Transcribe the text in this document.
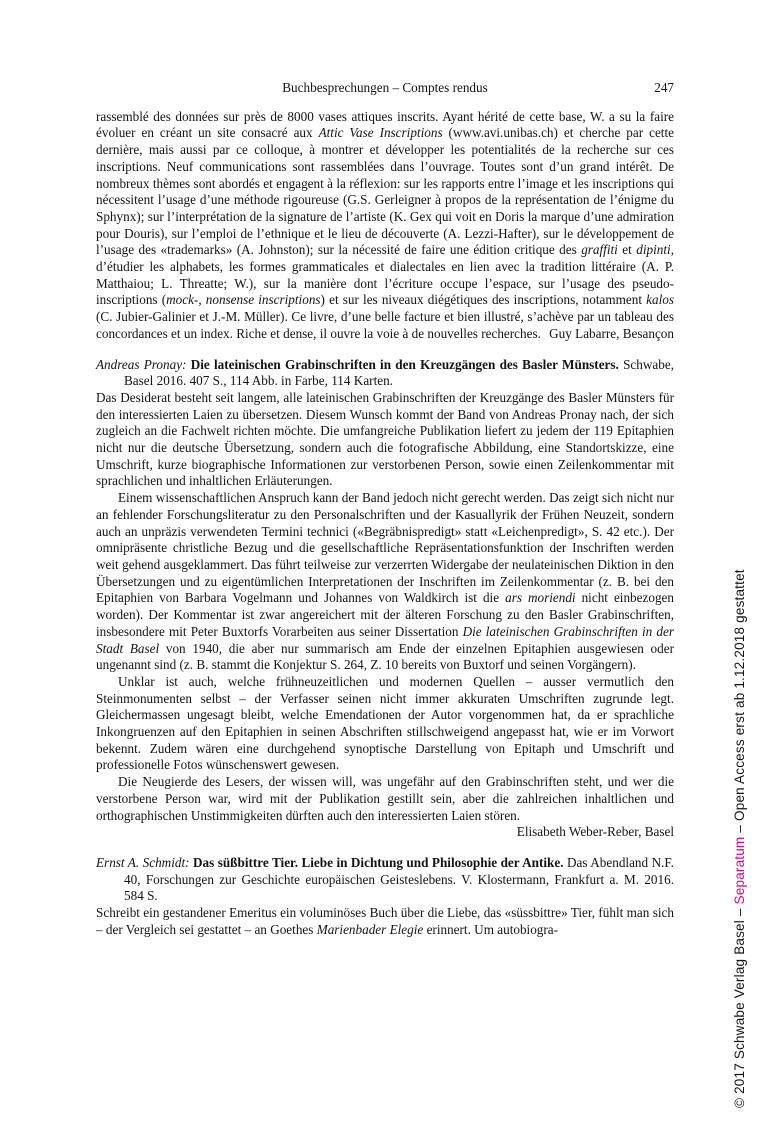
Buchbesprechungen – Comptes rendus	247

rassemblé des données sur près de 8000 vases attiques inscrits. Ayant hérité de cette base, W. a su la faire évoluer en créant un site consacré aux Attic Vase Inscriptions (www.avi.unibas.ch) et cherche par cette dernière, mais aussi par ce colloque, à montrer et développer les potentialités de la recherche sur ces inscriptions. Neuf communications sont rassemblées dans l’ouvrage. Toutes sont d’un grand intérêt. De nombreux thèmes sont abordés et engagent à la réflexion: sur les rapports entre l’image et les inscriptions qui nécessitent l’usage d’une méthode rigoureuse (G.S. Gerleigner à propos de la représentation de l’énigme du Sphynx); sur l’interprétation de la signature de l’artiste (K. Gex qui voit en Doris la marque d’une admiration pour Douris), sur l’emploi de l’ethnique et le lieu de découverte (A. Lezzi-Hafter), sur le développement de l’usage des «trademarks» (A. Johnston); sur la nécessité de faire une édition critique des graffiti et dipinti, d’étudier les alphabets, les formes grammaticales et dialectales en lien avec la tradition littéraire (A. P. Matthaiou; L. Threatte; W.), sur la manière dont l’écriture occupe l’espace, sur l’usage des pseudo-inscriptions (mock-, nonsense inscriptions) et sur les niveaux diégétiques des inscriptions, notamment kalos (C. Jubier-Galinier et J.-M. Müller). Ce livre, d’une belle facture et bien illustré, s’achève par un tableau des concordances et un index. Riche et dense, il ouvre la voie à de nouvelles recherches. Guy Labarre, Besançon

Andreas Pronay: Die lateinischen Grabinschriften in den Kreuzgängen des Basler Münsters. Schwabe, Basel 2016. 407 S., 114 Abb. in Farbe, 114 Karten.

Das Desiderat besteht seit langem, alle lateinischen Grabinschriften der Kreuzgänge des Basler Münsters für den interessierten Laien zu übersetzen. Diesem Wunsch kommt der Band von Andreas Pronay nach, der sich zugleich an die Fachwelt richten möchte. Die umfangreiche Publikation liefert zu jedem der 119 Epitaphien nicht nur die deutsche Übersetzung, sondern auch die fotografische Abbildung, eine Standortskizze, eine Umschrift, kurze biographische Informationen zur verstorbenen Person, sowie einen Zeilenkommentar mit sprachlichen und inhaltlichen Erläuterungen.

Einem wissenschaftlichen Anspruch kann der Band jedoch nicht gerecht werden. Das zeigt sich nicht nur an fehlender Forschungsliteratur zu den Personalschriften und der Kasuallyrik der Frühen Neuzeit, sondern auch an unpräzis verwendeten Termini technici («Begräbnispredigt» statt «Leichenpredigt», S. 42 etc.). Der omnipräsente christliche Bezug und die gesellschaftliche Repräsentationsfunktion der Inschriften werden weit gehend ausgeklammert. Das führt teilweise zur verzerrten Widergabe der neulateinischen Diktion in den Übersetzungen und zu eigentümlichen Interpretationen der Inschriften im Zeilenkommentar (z. B. bei den Epitaphien von Barbara Vogelmann und Johannes von Waldkirch ist die ars moriendi nicht einbezogen worden). Der Kommentar ist zwar angereichert mit der älteren Forschung zu den Basler Grabinschriften, insbesondere mit Peter Buxtorfs Vorarbeiten aus seiner Dissertation Die lateinischen Grabinschriften in der Stadt Basel von 1940, die aber nur summarisch am Ende der einzelnen Epitaphien ausgewiesen oder ungenannt sind (z. B. stammt die Konjektur S. 264, Z. 10 bereits von Buxtorf und seinen Vorgängern).

Unklar ist auch, welche frühneuzeitlichen und modernen Quellen – ausser vermutlich den Steinmonumenten selbst – der Verfasser seinen nicht immer akkuraten Umschriften zugrunde legt. Gleichermassen ungesagt bleibt, welche Emendationen der Autor vorgenommen hat, da er sprachliche Inkongruenzen auf den Epitaphien in seinen Abschriften stillschweigend angepasst hat, wie er im Vorwort bekennt. Zudem wären eine durchgehend synoptische Darstellung von Epitaph und Umschrift und professionelle Fotos wünschenswert gewesen.

Die Neugierde des Lesers, der wissen will, was ungefähr auf den Grabinschriften steht, und wer die verstorbene Person war, wird mit der Publikation gestillt sein, aber die zahlreichen inhaltlichen und orthographischen Unstimmigkeiten dürften auch den interessierten Laien stören.

Elisabeth Weber-Reber, Basel

Ernst A. Schmidt: Das süßbittre Tier. Liebe in Dichtung und Philosophie der Antike. Das Abendland N.F. 40, Forschungen zur Geschichte europäischen Geisteslebens. V. Klostermann, Frankfurt a. M. 2016. 584 S.

Schreibt ein gestandener Emeritus ein voluminöses Buch über die Liebe, das «süssbittre» Tier, fühlt man sich – der Vergleich sei gestattet – an Goethes Marienbader Elegie erinnert. Um autobiogra-	© 2017 Schwabe Verlag Basel – Separatum – Open Access erst ab 1.12.2018 gestattet
